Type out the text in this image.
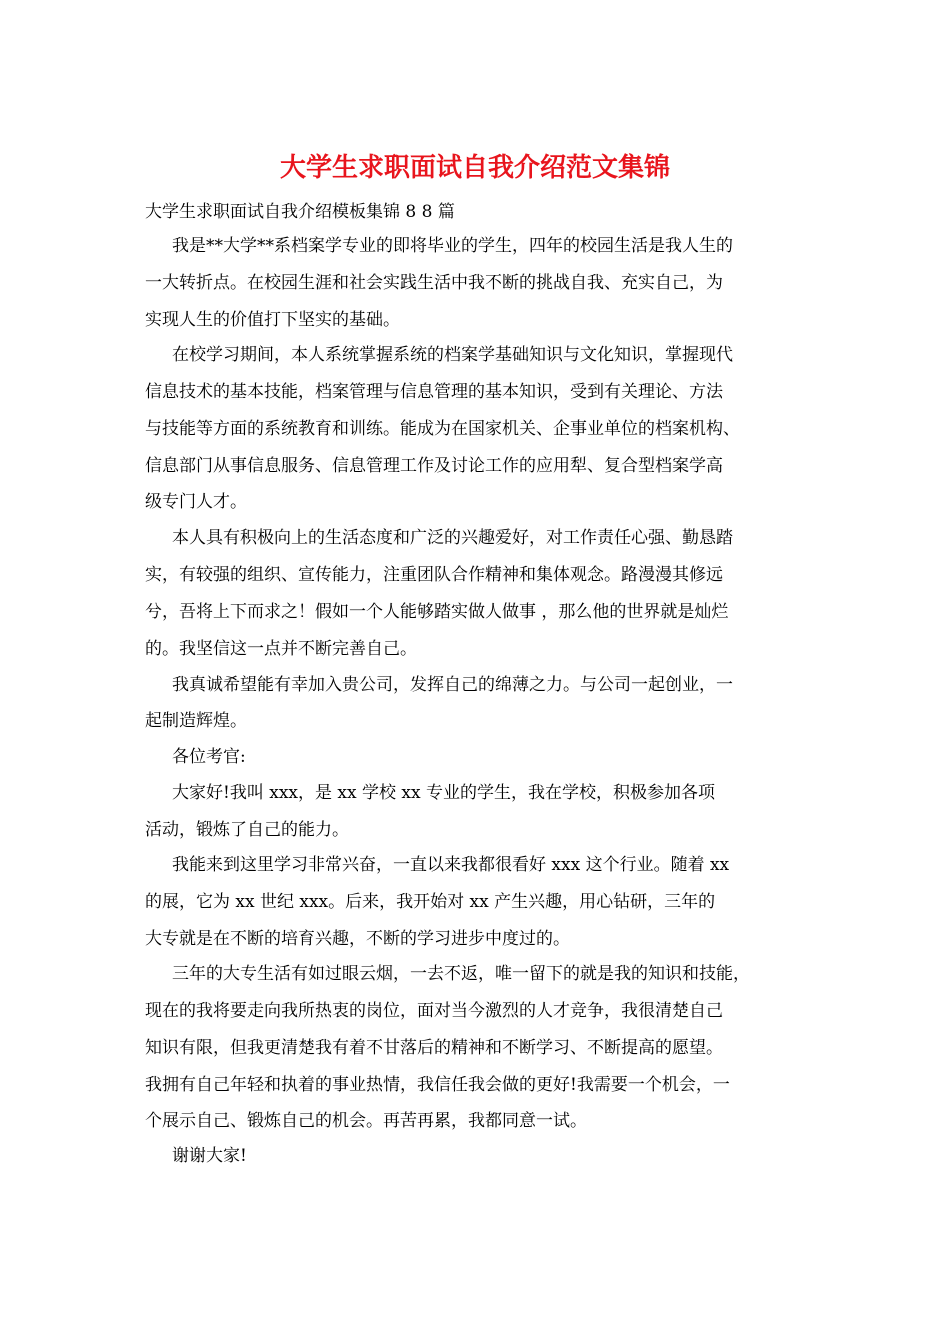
大学生求职面试自我介绍范文集锦
大学生求职面试自我介绍模板集锦 8 8 篇
我是**大学**系档案学专业的即将毕业的学生，四年的校园生活是我人生的
一大转折点。在校园生涯和社会实践生活中我不断的挑战自我、充实自己，为
实现人生的价值打下坚实的基础。
在校学习期间，本人系统掌握系统的档案学基础知识与文化知识，掌握现代
信息技术的基本技能，档案管理与信息管理的基本知识，受到有关理论、方法
与技能等方面的系统教育和训练。能成为在国家机关、企事业单位的档案机构、
信息部门从事信息服务、信息管理工作及讨论工作的应用犁、复合型档案学高
级专门人才。
本人具有积极向上的生活态度和广泛的兴趣爱好，对工作责任心强、勤恳踏
实，有较强的组织、宣传能力，注重团队合作精神和集体观念。路漫漫其修远
兮，吾将上下而求之！假如一个人能够踏实做人做事 ，那么他的世界就是灿烂
的。我坚信这一点并不断完善自己。
我真诚希望能有幸加入贵公司，发挥自己的绵薄之力。与公司一起创业，一
起制造辉煌。
各位考官:
大家好!我叫 xxx，是 xx 学校 xx 专业的学生，我在学校，积极参加各项
活动，锻炼了自己的能力。
我能来到这里学习非常兴奋，一直以来我都很看好 xxx 这个行业。随着 xx
的展，它为 xx 世纪 xxx。后来，我开始对 xx 产生兴趣，用心钻研，三年的
大专就是在不断的培育兴趣，不断的学习进步中度过的。
三年的大专生活有如过眼云烟，一去不返，唯一留下的就是我的知识和技能，
现在的我将要走向我所热衷的岗位，面对当今激烈的人才竞争，我很清楚自己
知识有限，但我更清楚我有着不甘落后的精神和不断学习、不断提高的愿望。
我拥有自己年轻和执着的事业热情，我信任我会做的更好!我需要一个机会，一
个展示自己、锻炼自己的机会。再苦再累，我都同意一试。
谢谢大家!
